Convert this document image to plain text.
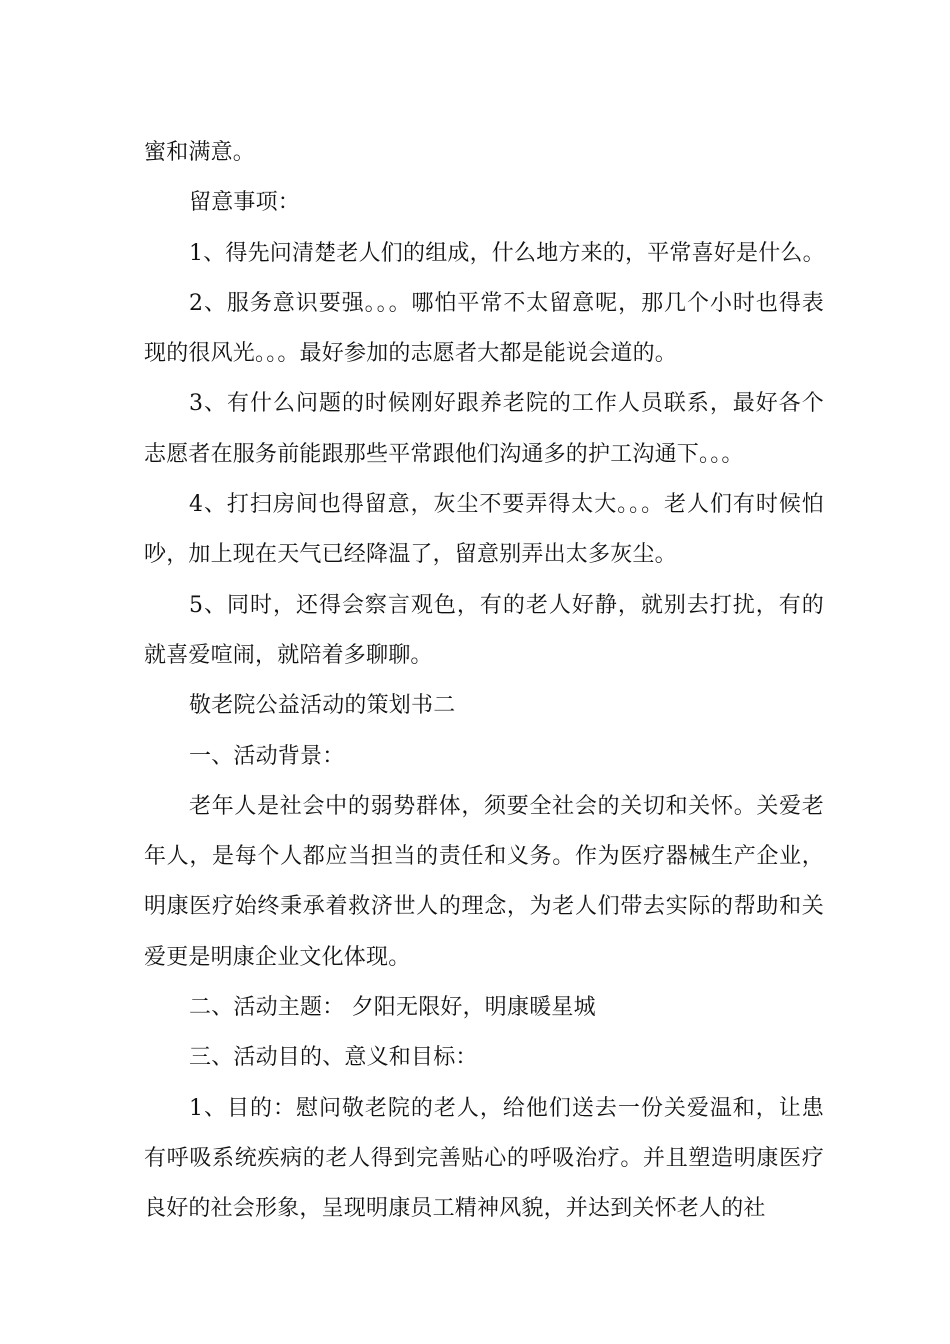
蜜和满意。

留意事项：

1、得先问清楚老人们的组成，什么地方来的，平常喜好是什么。

2、服务意识要强。。。哪怕平常不太留意呢，那几个小时也得表现的很风光。。。最好参加的志愿者大都是能说会道的。

3、有什么问题的时候刚好跟养老院的工作人员联系，最好各个志愿者在服务前能跟那些平常跟他们沟通多的护工沟通下。。。

4、打扫房间也得留意，灰尘不要弄得太大。。。老人们有时候怕吵，加上现在天气已经降温了，留意别弄出太多灰尘。

5、同时，还得会察言观色，有的老人好静，就别去打扰，有的就喜爱喧闹，就陪着多聊聊。

敬老院公益活动的策划书二

一、活动背景：

老年人是社会中的弱势群体，须要全社会的关切和关怀。关爱老年人，是每个人都应当担当的责任和义务。作为医疗器械生产企业，明康医疗始终秉承着救济世人的理念，为老人们带去实际的帮助和关爱更是明康企业文化体现。

二、活动主题： 夕阳无限好，明康暖星城

三、活动目的、意义和目标：

1、目的：慰问敬老院的老人，给他们送去一份关爱温和，让患有呼吸系统疾病的老人得到完善贴心的呼吸治疗。并且塑造明康医疗良好的社会形象，呈现明康员工精神风貌，并达到关怀老人的社
